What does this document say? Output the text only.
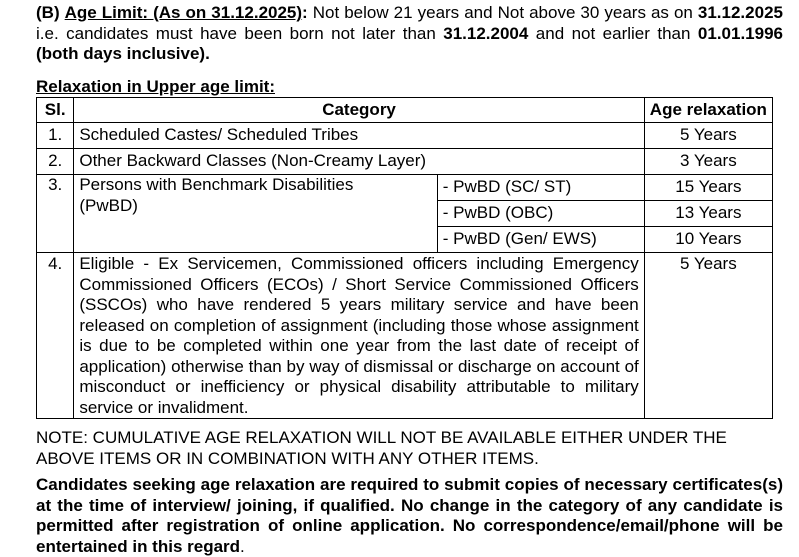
(B) Age Limit: (As on 31.12.2025): Not below 21 years and Not above 30 years as on 31.12.2025 i.e. candidates must have been born not later than 31.12.2004 and not earlier than 01.01.1996 (both days inclusive).
Relaxation in Upper age limit:
Sl.	Category		Age relaxation
1.	Scheduled Castes/ Scheduled Tribes		5 Years
2.	Other Backward Classes (Non-Creamy Layer)		3 Years
3.	Persons with Benchmark Disabilities (PwBD)	- PwBD (SC/ ST)	15 Years
		- PwBD (OBC)	13 Years
		- PwBD (Gen/ EWS)	10 Years
4.	Eligible - Ex Servicemen, Commissioned officers including Emergency Commissioned Officers (ECOs) / Short Service Commissioned Officers (SSCOs) who have rendered 5 years military service and have been released on completion of assignment (including those whose assignment is due to be completed within one year from the last date of receipt of application) otherwise than by way of dismissal or discharge on account of misconduct or inefficiency or physical disability attributable to military service or invalidment.		5 Years
NOTE: CUMULATIVE AGE RELAXATION WILL NOT BE AVAILABLE EITHER UNDER THE ABOVE ITEMS OR IN COMBINATION WITH ANY OTHER ITEMS.
Candidates seeking age relaxation are required to submit copies of necessary certificates(s) at the time of interview/ joining, if qualified. No change in the category of any candidate is permitted after registration of online application. No correspondence/email/phone will be entertained in this regard.
